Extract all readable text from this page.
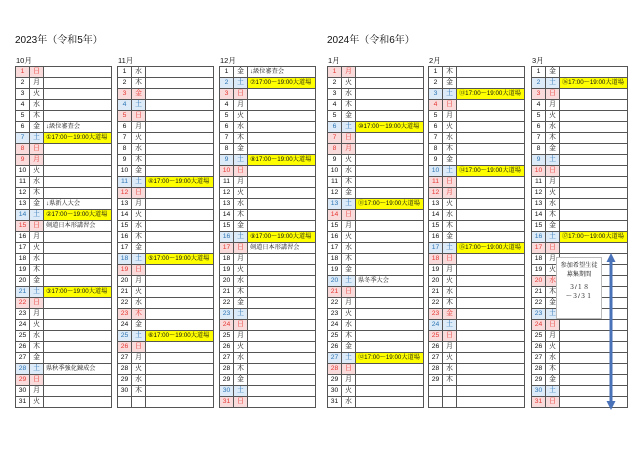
2023年（令和5年）	2024年（令和6年）
10月
1	日	
2	月	
3	火	
4	水	
5	木	
6	金	↓級位審査会
7	土	①17:00～19:00大道場
8	日	
9	月	
10	火	
11	水	
12	木	
13	金	↓県新人大会
14	土	②17:00～19:00大道場
15	日	剣道日本形講習会
16	月	
17	火	
18	水	
19	木	
20	金	
21	土	③17:00～19:00大道場
22	日	
23	月	
24	火	
25	水	
26	木	
27	金	
28	土	県秋季強化錬成会
29	日	
30	月	
31	火	
11月
1	水	
2	木	
3	金	
4	土	
5	日	
6	月	
7	火	
8	水	
9	木	
10	金	
11	土	④17:00～19:00大道場
12	日	
13	月	
14	火	
15	水	
16	木	
17	金	
18	土	⑤17:00～19:00大道場
19	日	
20	月	
21	火	
22	水	
23	木	
24	金	
25	土	⑥17:00～19:00大道場
26	日	
27	月	
28	火	
29	水	
30	木	

12月
1	金	↓級位審査会
2	土	⑦17:00～19:00大道場
3	日	
4	月	
5	火	
6	水	
7	木	
8	金	
9	土	⑧17:00～19:00大道場
10	日	
11	月	
12	火	
13	水	
14	木	
15	金	
16	土	⑨17:00～19:00大道場
17	日	剣道日本形講習会
18	月	
19	火	
20	水	
21	木	
22	金	
23	土	
24	日	
25	月	
26	火	
27	水	
28	木	
29	金	
30	土	
31	日	
1月
1	月	
2	火	
3	水	
4	木	
5	金	
6	土	⑩17:00～19:00大道場
7	日	
8	月	
9	火	
10	水	
11	木	
12	金	
13	土	⑪17:00～19:00大道場
14	日	
15	月	
16	火	
17	水	
18	木	
19	金	
20	土	県冬季大会
21	日	
22	月	
23	火	
24	水	
25	木	
26	金	
27	土	⑫17:00～19:00大道場
28	日	
29	月	
30	火	
31	水	
2月
1	木	
2	金	
3	土	⑬17:00～19:00大道場
4	日	
5	月	
6	火	
7	水	
8	木	
9	金	
10	土	⑭17:00～19:00大道場
11	日	
12	月	
13	火	
14	水	
15	木	
16	金	
17	土	⑮17:00～19:00大道場
18	日	
19	月	
20	火	
21	水	
22	木	
23	金	
24	土	
25	日	
26	月	
27	火	
28	水	
29	木	

3月
1	金	
2	土	⑯17:00～19:00大道場
3	日	
4	月	
5	火	
6	水	
7	木	
8	金	
9	土	
10	日	
11	月	
12	火	
13	水	
14	木	
15	金	
16	土	⑰17:00～19:00大道場
17	日	
18	月	
19	火	
20	水	
21	木	
22	金	
23	土	
24	日	
25	月	
26	火	
27	水	
28	木	
29	金	
30	土	
31	日	
参加希望生徒
募集期間
３/１８
～３/３１
